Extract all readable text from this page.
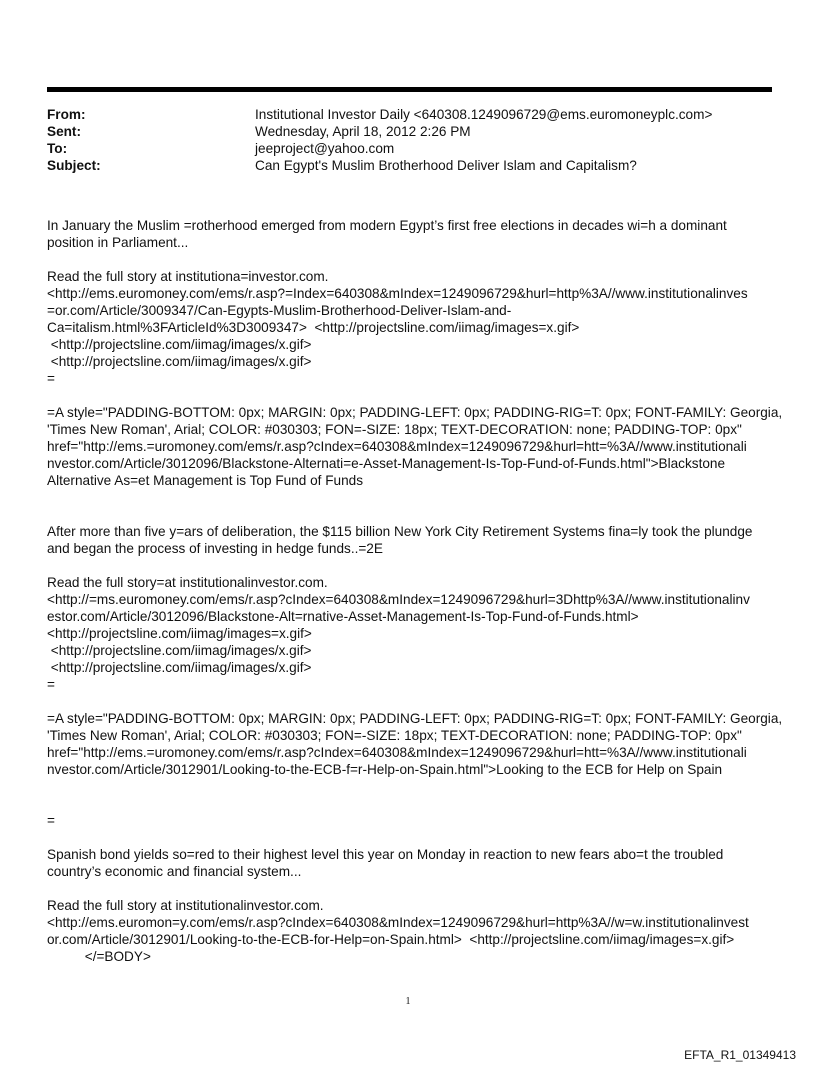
From:	Institutional Investor Daily <640308.1249096729@ems.euromoneyplc.com>
Sent:	Wednesday, April 18, 2012 2:26 PM
To:	jeeproject@yahoo.com
Subject:	Can Egypt's Muslim Brotherhood Deliver Islam and Capitalism?
In January the Muslim =rotherhood emerged from modern Egypt’s first free elections in decades wi=h a dominant
position in Parliament...
Read the full story at institutiona=investor.com.
<http://ems.euromoney.com/ems/r.asp?=Index=640308&mIndex=1249096729&hurl=http%3A//www.institutionalinves
=or.com/Article/3009347/Can-Egypts-Muslim-Brotherhood-Deliver-Islam-and-
Ca=italism.html%3FArticleId%3D3009347>  <http://projectsline.com/iimag/images=x.gif>
<http://projectsline.com/iimag/images/x.gif>
<http://projectsline.com/iimag/images/x.gif>
=
=A style="PADDING-BOTTOM: 0px; MARGIN: 0px; PADDING-LEFT: 0px; PADDING-RIG=T: 0px; FONT-FAMILY: Georgia,
'Times New Roman', Arial; COLOR: #030303; FON=-SIZE: 18px; TEXT-DECORATION: none; PADDING-TOP: 0px"
href="http://ems.=uromoney.com/ems/r.asp?cIndex=640308&mIndex=1249096729&hurl=htt=%3A//www.institutionali
nvestor.com/Article/3012096/Blackstone-Alternati=e-Asset-Management-Is-Top-Fund-of-Funds.html">Blackstone
Alternative As=et Management is Top Fund of Funds
After more than five y=ars of deliberation, the $115 billion New York City Retirement Systems fina=ly took the plundge
and began the process of investing in hedge funds..=2E
Read the full story=at institutionalinvestor.com.
<http://=ms.euromoney.com/ems/r.asp?cIndex=640308&mIndex=1249096729&hurl=3Dhttp%3A//www.institutionalinv
estor.com/Article/3012096/Blackstone-Alt=rnative-Asset-Management-Is-Top-Fund-of-Funds.html>
<http://projectsline.com/iimag/images=x.gif>
<http://projectsline.com/iimag/images/x.gif>
<http://projectsline.com/iimag/images/x.gif>
=
=A style="PADDING-BOTTOM: 0px; MARGIN: 0px; PADDING-LEFT: 0px; PADDING-RIG=T: 0px; FONT-FAMILY: Georgia,
'Times New Roman', Arial; COLOR: #030303; FON=-SIZE: 18px; TEXT-DECORATION: none; PADDING-TOP: 0px"
href="http://ems.=uromoney.com/ems/r.asp?cIndex=640308&mIndex=1249096729&hurl=htt=%3A//www.institutionali
nvestor.com/Article/3012901/Looking-to-the-ECB-f=r-Help-on-Spain.html">Looking to the ECB for Help on Spain
=
Spanish bond yields so=red to their highest level this year on Monday in reaction to new fears abo=t the troubled
country’s economic and financial system...
Read the full story at institutionalinvestor.com.
<http://ems.euromon=y.com/ems/r.asp?cIndex=640308&mIndex=1249096729&hurl=http%3A//w=w.institutionalinvest
or.com/Article/3012901/Looking-to-the-ECB-for-Help=on-Spain.html>  <http://projectsline.com/iimag/images=x.gif>
</=BODY>
1
EFTA_R1_01349413
